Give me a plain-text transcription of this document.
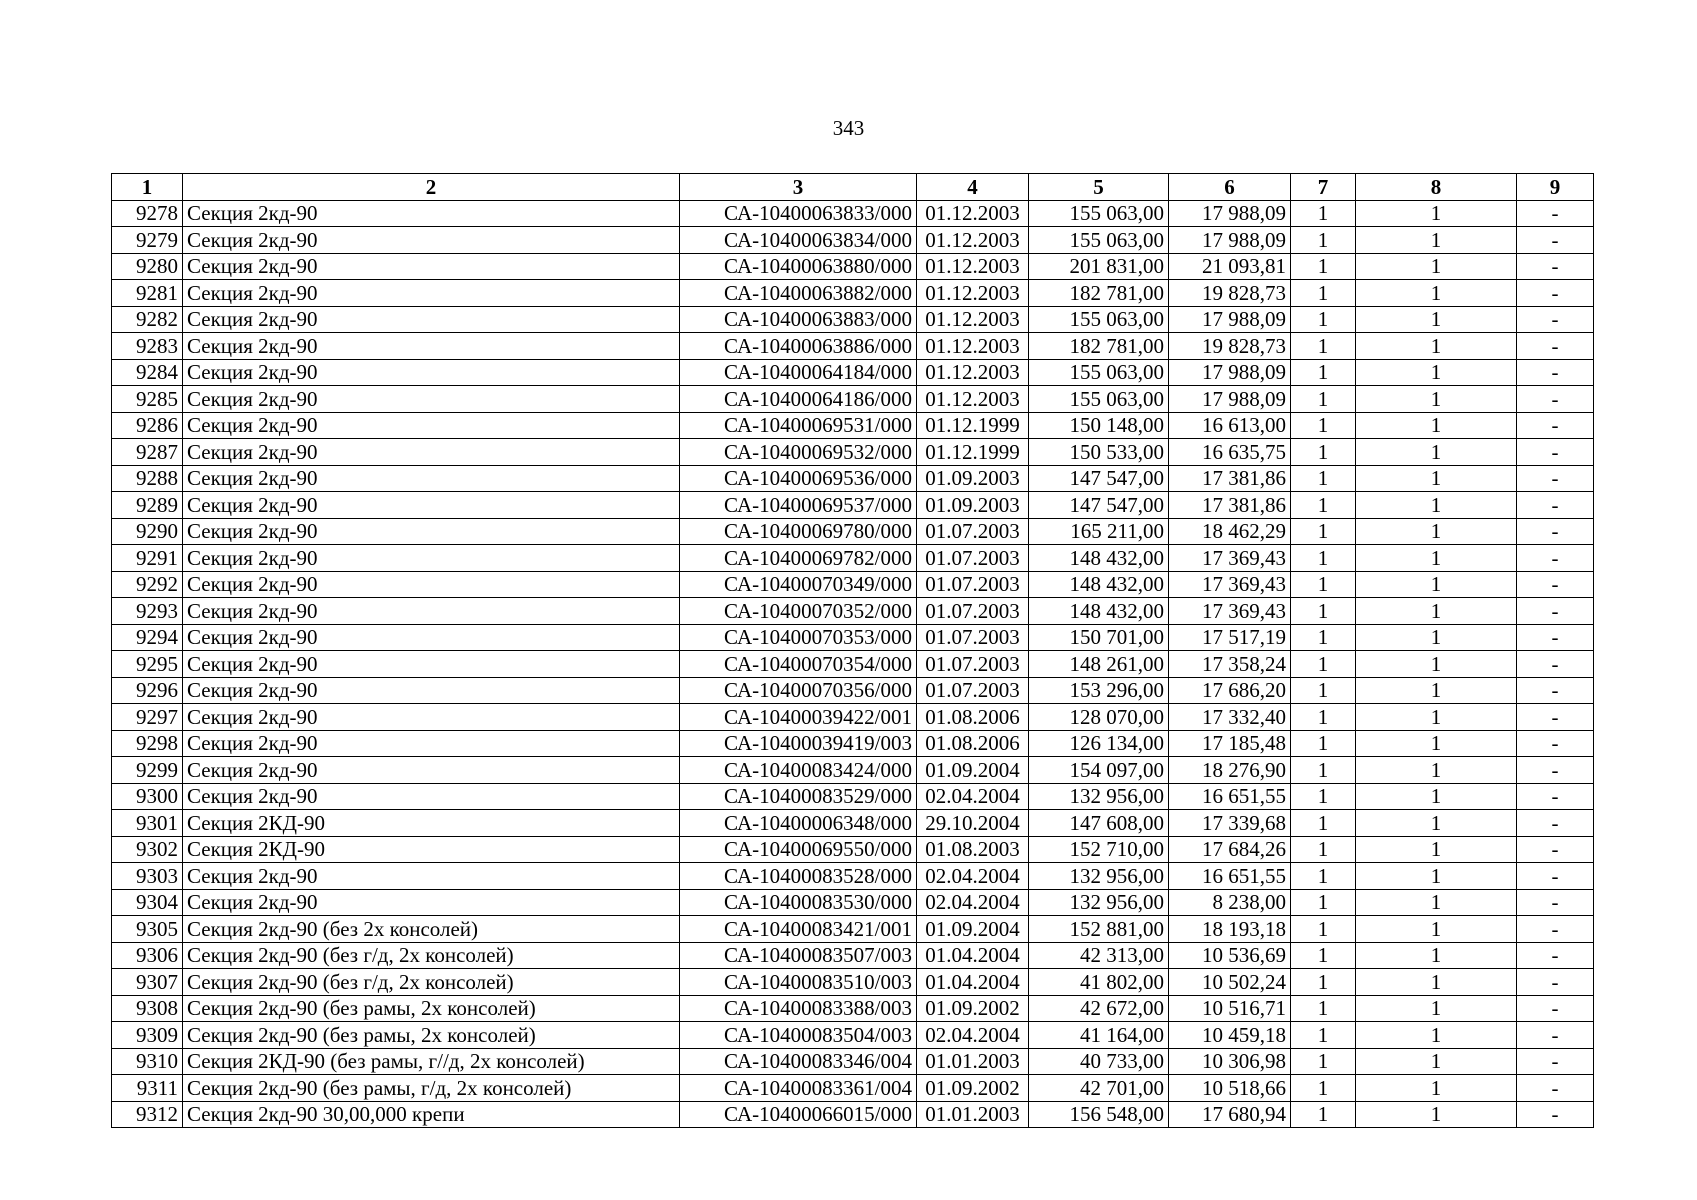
343
1	2	3	4	5	6	7	8	9
9278	Секция 2кд-90	СА-10400063833/000	01.12.2003	155 063,00	17 988,09	1	1	-
9279	Секция 2кд-90	СА-10400063834/000	01.12.2003	155 063,00	17 988,09	1	1	-
9280	Секция 2кд-90	СА-10400063880/000	01.12.2003	201 831,00	21 093,81	1	1	-
9281	Секция 2кд-90	СА-10400063882/000	01.12.2003	182 781,00	19 828,73	1	1	-
9282	Секция 2кд-90	СА-10400063883/000	01.12.2003	155 063,00	17 988,09	1	1	-
9283	Секция 2кд-90	СА-10400063886/000	01.12.2003	182 781,00	19 828,73	1	1	-
9284	Секция 2кд-90	СА-10400064184/000	01.12.2003	155 063,00	17 988,09	1	1	-
9285	Секция 2кд-90	СА-10400064186/000	01.12.2003	155 063,00	17 988,09	1	1	-
9286	Секция 2кд-90	СА-10400069531/000	01.12.1999	150 148,00	16 613,00	1	1	-
9287	Секция 2кд-90	СА-10400069532/000	01.12.1999	150 533,00	16 635,75	1	1	-
9288	Секция 2кд-90	СА-10400069536/000	01.09.2003	147 547,00	17 381,86	1	1	-
9289	Секция 2кд-90	СА-10400069537/000	01.09.2003	147 547,00	17 381,86	1	1	-
9290	Секция 2кд-90	СА-10400069780/000	01.07.2003	165 211,00	18 462,29	1	1	-
9291	Секция 2кд-90	СА-10400069782/000	01.07.2003	148 432,00	17 369,43	1	1	-
9292	Секция 2кд-90	СА-10400070349/000	01.07.2003	148 432,00	17 369,43	1	1	-
9293	Секция 2кд-90	СА-10400070352/000	01.07.2003	148 432,00	17 369,43	1	1	-
9294	Секция 2кд-90	СА-10400070353/000	01.07.2003	150 701,00	17 517,19	1	1	-
9295	Секция 2кд-90	СА-10400070354/000	01.07.2003	148 261,00	17 358,24	1	1	-
9296	Секция 2кд-90	СА-10400070356/000	01.07.2003	153 296,00	17 686,20	1	1	-
9297	Секция 2кд-90	СА-10400039422/001	01.08.2006	128 070,00	17 332,40	1	1	-
9298	Секция 2кд-90	СА-10400039419/003	01.08.2006	126 134,00	17 185,48	1	1	-
9299	Секция 2кд-90	СА-10400083424/000	01.09.2004	154 097,00	18 276,90	1	1	-
9300	Секция 2кд-90	СА-10400083529/000	02.04.2004	132 956,00	16 651,55	1	1	-
9301	Секция 2КД-90	СА-10400006348/000	29.10.2004	147 608,00	17 339,68	1	1	-
9302	Секция 2КД-90	СА-10400069550/000	01.08.2003	152 710,00	17 684,26	1	1	-
9303	Секция 2кд-90	СА-10400083528/000	02.04.2004	132 956,00	16 651,55	1	1	-
9304	Секция 2кд-90	СА-10400083530/000	02.04.2004	132 956,00	8 238,00	1	1	-
9305	Секция 2кд-90 (без 2х консолей)	СА-10400083421/001	01.09.2004	152 881,00	18 193,18	1	1	-
9306	Секция 2кд-90 (без г/д, 2х консолей)	СА-10400083507/003	01.04.2004	42 313,00	10 536,69	1	1	-
9307	Секция 2кд-90 (без г/д, 2х консолей)	СА-10400083510/003	01.04.2004	41 802,00	10 502,24	1	1	-
9308	Секция 2кд-90 (без рамы, 2х консолей)	СА-10400083388/003	01.09.2002	42 672,00	10 516,71	1	1	-
9309	Секция 2кд-90 (без рамы, 2х консолей)	СА-10400083504/003	02.04.2004	41 164,00	10 459,18	1	1	-
9310	Секция 2КД-90 (без рамы, г//д, 2х консолей)	СА-10400083346/004	01.01.2003	40 733,00	10 306,98	1	1	-
9311	Секция 2кд-90 (без рамы, г/д, 2х консолей)	СА-10400083361/004	01.09.2002	42 701,00	10 518,66	1	1	-
9312	Секция 2кд-90 30,00,000 крепи	СА-10400066015/000	01.01.2003	156 548,00	17 680,94	1	1	-
